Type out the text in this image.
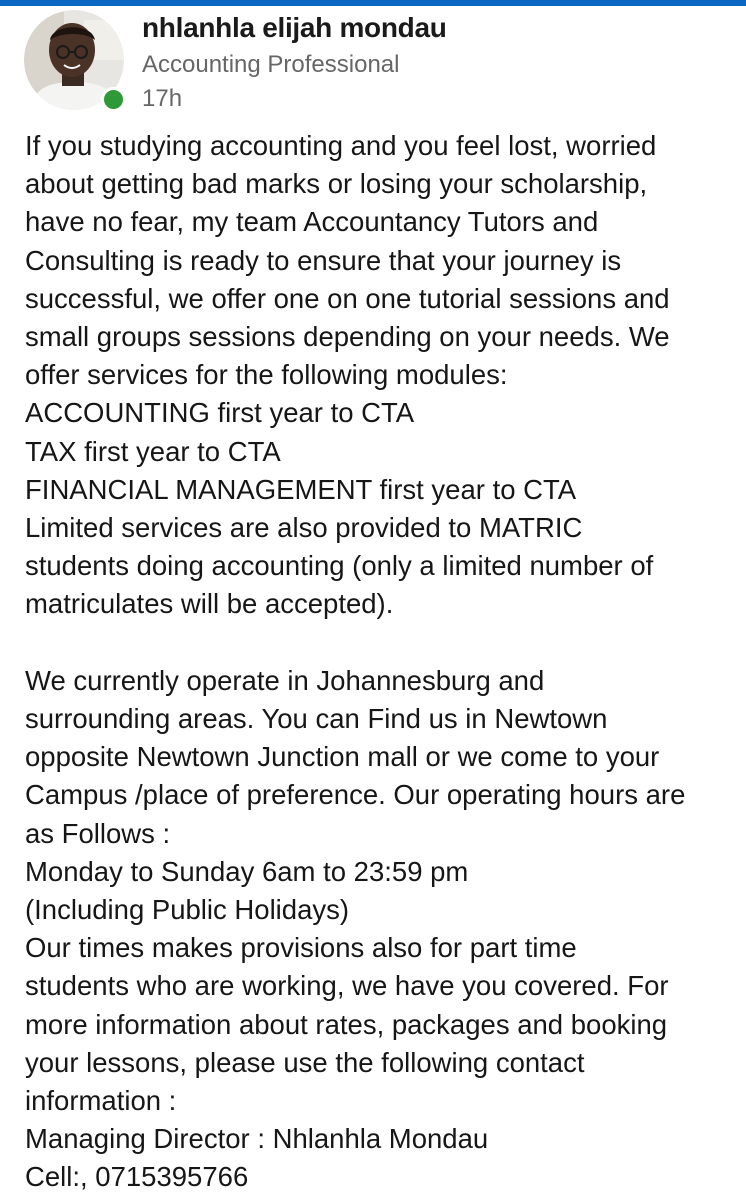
nhlanhla elijah mondau
Accounting Professional
17h

If you studying accounting and you feel lost, worried

about getting bad marks or losing your scholarship,

have no fear, my team Accountancy Tutors and

Consulting is ready to ensure that your journey is

successful, we offer one on one tutorial sessions and

small groups sessions depending on your needs. We

offer services for the following modules:

ACCOUNTING first year to CTA

TAX first year to CTA

FINANCIAL MANAGEMENT first year to CTA

Limited services are also provided to MATRIC

students doing accounting (only a limited number of

matriculates will be accepted).

We currently operate in Johannesburg and

surrounding areas. You can Find us in Newtown

opposite Newtown Junction mall or we come to your

Campus /place of preference. Our operating hours are

as Follows :

Monday to Sunday 6am to 23:59 pm

(Including Public Holidays)

Our times makes provisions also for part time

students who are working, we have you covered. For

more information about rates, packages and booking

your lessons, please use the following contact

information :

Managing Director : Nhlanhla Mondau

Cell:, 0715395766
